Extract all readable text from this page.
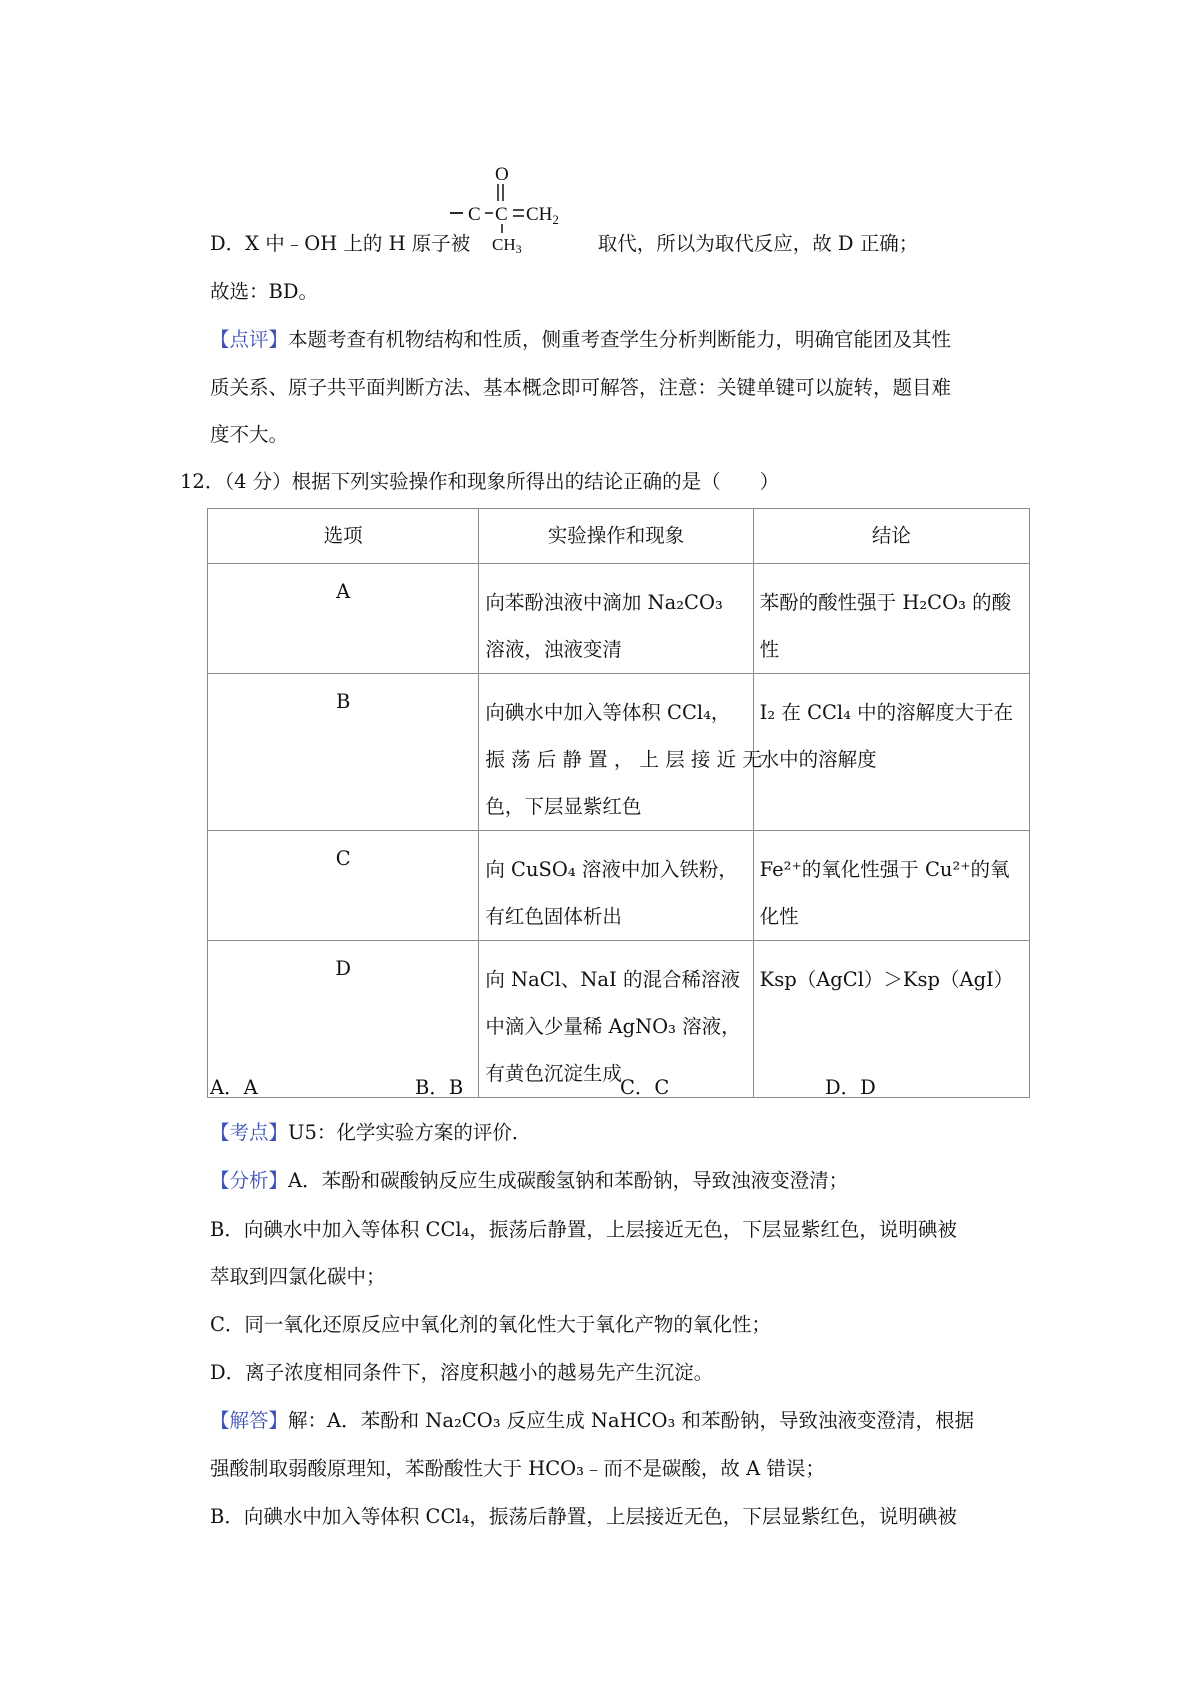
D．X 中﹣OH 上的 H 原子被	取代，所以为取代反应，故 D 正确；
O
C C $CH_2$
CH3
故选：BD。
【点评】本题考查有机物结构和性质，侧重考查学生分析判断能力，明确官能团及其性
质关系、原子共平面判断方法、基本概念即可解答，注意：关键单键可以旋转，题目难
度不大。
12．（4 分）根据下列实验操作和现象所得出的结论正确的是（　　）
选项	实验操作和现象	结论
A	向苯酚浊液中滴加 Na₂CO₃
溶液，浊液变清	苯酚的酸性强于 H₂CO₃ 的酸
性

B	向碘水中加入等体积 CCl₄，
振 荡 后 静 置 ， 上 层 接 近 无
色，下层显紫红色	I₂ 在 CCl₄ 中的溶解度大于在
水中的溶解度

C	向 CuSO₄ 溶液中加入铁粉，
有红色固体析出	Fe²⁺的氧化性强于 Cu²⁺的氧
化性

D	向 NaCl、NaI 的混合稀溶液
中滴入少量稀 AgNO₃ 溶液，
有黄色沉淀生成	Ksp（AgCl）＞Ksp（AgI）
A．A	B．B	C．C	D．D
【考点】U5：化学实验方案的评价．
【分析】A．苯酚和碳酸钠反应生成碳酸氢钠和苯酚钠，导致浊液变澄清；
B．向碘水中加入等体积 CCl₄，振荡后静置，上层接近无色，下层显紫红色，说明碘被
萃取到四氯化碳中；
C．同一氧化还原反应中氧化剂的氧化性大于氧化产物的氧化性；
D．离子浓度相同条件下，溶度积越小的越易先产生沉淀。
【解答】解：A．苯酚和 Na₂CO₃ 反应生成 NaHCO₃ 和苯酚钠，导致浊液变澄清，根据
强酸制取弱酸原理知，苯酚酸性大于 HCO₃﹣而不是碳酸，故 A 错误；
B．向碘水中加入等体积 CCl₄，振荡后静置，上层接近无色，下层显紫红色，说明碘被
